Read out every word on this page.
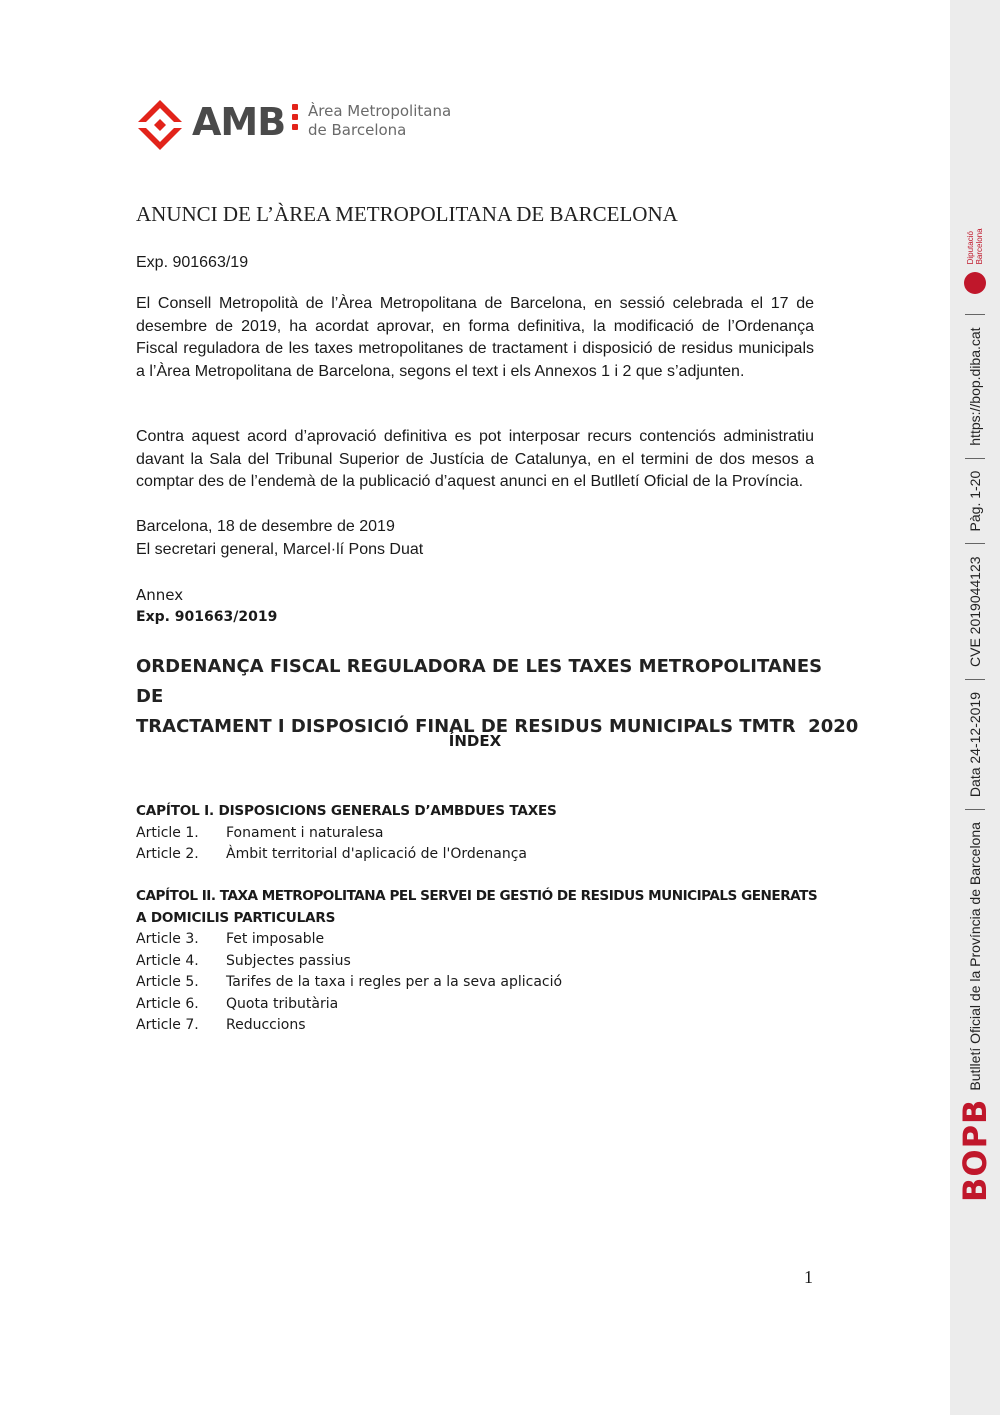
AMB Àrea Metropolitana
de Barcelona
ANUNCI DE L’ÀREA METROPOLITANA DE BARCELONA
Exp. 901663/19
El Consell Metropolità de l’Àrea Metropolitana de Barcelona, en sessió celebrada el 17 de desembre de 2019, ha acordat aprovar, en forma definitiva, la modificació de l’Ordenança Fiscal reguladora de les taxes metropolitanes de tractament i disposició de residus municipals a l’Àrea Metropolitana de Barcelona, segons el text i els Annexos 1 i 2 que s’adjunten.
Contra aquest acord d’aprovació definitiva es pot interposar recurs contenciós administratiu davant la Sala del Tribunal Superior de Justícia de Catalunya, en el termini de dos mesos a comptar des de l’endemà de la publicació d’aquest anunci en el Butlletí Oficial de la Província.
Barcelona, 18 de desembre de 2019
El secretari general, Marcel·lí Pons Duat
Annex
Exp. 901663/2019
ORDENANÇA FISCAL REGULADORA DE LES TAXES METROPOLITANES DE
TRACTAMENT I DISPOSICIÓ FINAL DE RESIDUS MUNICIPALS TMTR  2020
ÍNDEX
CAPÍTOL I. DISPOSICIONS GENERALS D’AMBDUES TAXES
Article 1.	Fonament i naturalesa
Article 2.	Àmbit territorial d'aplicació de l'Ordenança
CAPÍTOL II. TAXA METROPOLITANA PEL SERVEI DE GESTIÓ DE RESIDUS MUNICIPALS GENERATS
A DOMICILIS PARTICULARS
Article 3.	Fet imposable
Article 4.	Subjectes passius
Article 5.	Tarifes de la taxa i regles per a la seva aplicació
Article 6.	Quota tributària
Article 7.	Reduccions
1
BOPB
Butlletí Oficial de la Província de Barcelona
Data 24-12-2019
CVE 2019044123
Pàg. 1-20
https://bop.diba.cat
Diputació Barcelona
